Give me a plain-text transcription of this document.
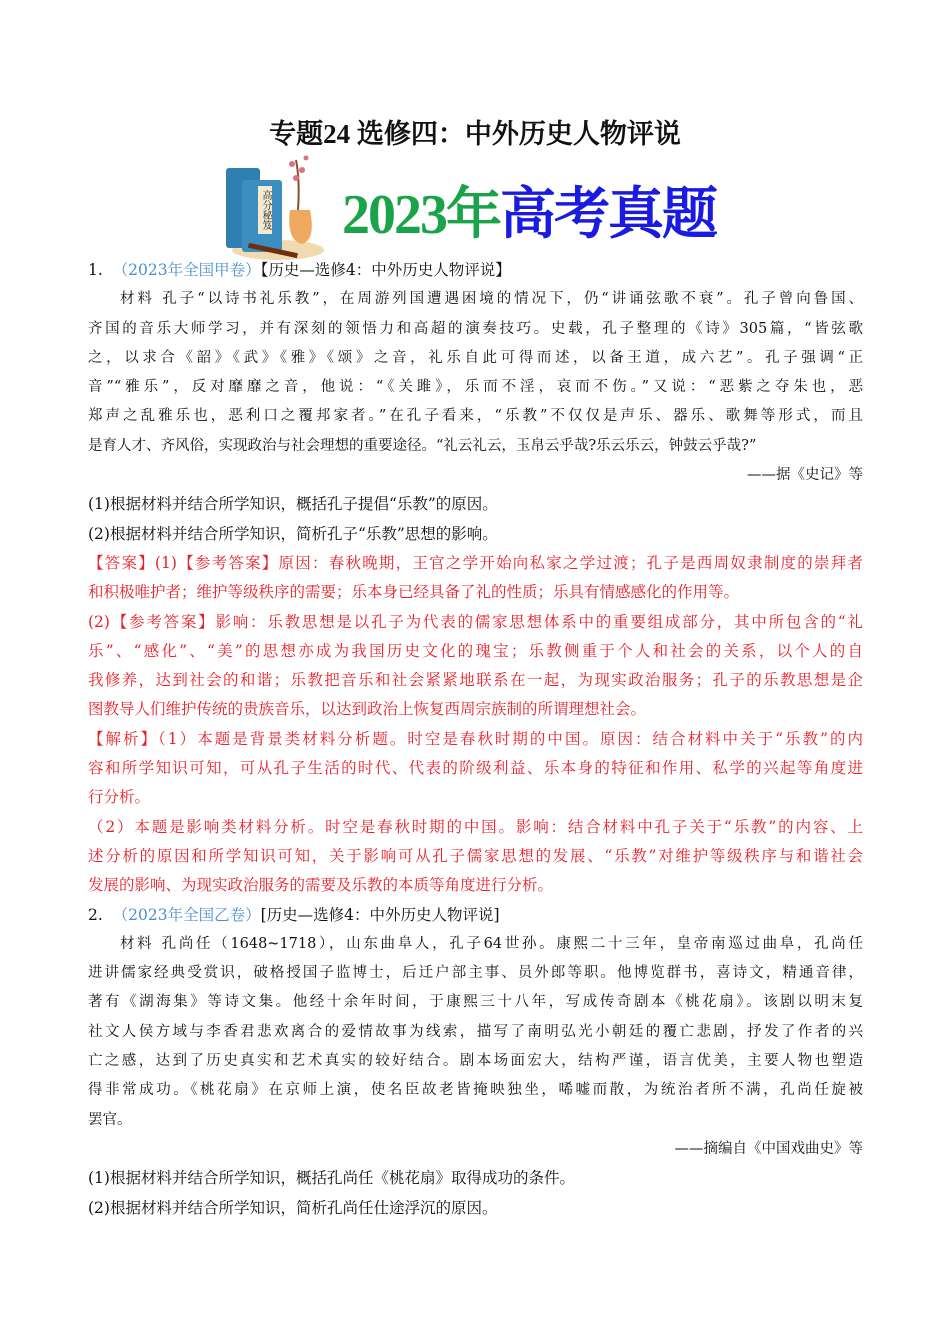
专题24 选修四：中外历史人物评说
高分秘笈 2023年高考真题
1. （2023年全国甲卷）【历史—选修4：中外历史人物评说】
材料 孔子“以诗书礼乐教”，在周游列国遭遇困境的情况下，仍“讲诵弦歌不衰”。孔子曾向鲁国、
齐国的音乐大师学习，并有深刻的领悟力和高超的演奏技巧。史载，孔子整理的《诗》305篇，“皆弦歌
之，以求合《韶》《武》《雅》《颂》之音，礼乐自此可得而述，以备王道，成六艺”。孔子强调“正
音”“雅乐”，反对靡靡之音，他说：“《关雎》，乐而不淫，哀而不伤。”又说：“恶紫之夺朱也，恶
郑声之乱雅乐也，恶利口之覆邦家者。”在孔子看来，“乐教”不仅仅是声乐、器乐、歌舞等形式，而且
是育人才、齐风俗，实现政治与社会理想的重要途径。“礼云礼云，玉帛云乎哉?乐云乐云，钟鼓云乎哉?”
——据《史记》等
(1)根据材料并结合所学知识，概括孔子提倡“乐教”的原因。
(2)根据材料并结合所学知识，简析孔子“乐教”思想的影响。
【答案】(1)【参考答案】原因：春秋晚期，王官之学开始向私家之学过渡；孔子是西周奴隶制度的崇拜者
和积极唯护者；维护等级秩序的需要；乐本身已经具备了礼的性质；乐具有情感感化的作用等。
(2)【参考答案】影响：乐教思想是以孔子为代表的儒家思想体系中的重要组成部分，其中所包含的“礼
乐”、“感化”、“美”的思想亦成为我国历史文化的瑰宝；乐教侧重于个人和社会的关系，以个人的自
我修养，达到社会的和谐；乐教把音乐和社会紧紧地联系在一起，为现实政治服务；孔子的乐教思想是企
图教导人们维护传统的贵族音乐，以达到政治上恢复西周宗族制的所谓理想社会。
【解析】（1）本题是背景类材料分析题。时空是春秋时期的中国。原因：结合材料中关于“乐教”的内
容和所学知识可知，可从孔子生活的时代、代表的阶级利益、乐本身的特征和作用、私学的兴起等角度进
行分析。
（2）本题是影响类材料分析。时空是春秋时期的中国。影响：结合材料中孔子关于“乐教”的内容、上
述分析的原因和所学知识可知，关于影响可从孔子儒家思想的发展、“乐教”对维护等级秩序与和谐社会
发展的影响、为现实政治服务的需要及乐教的本质等角度进行分析。
2. （2023年全国乙卷）[历史—选修4：中外历史人物评说]
材料 孔尚任（1648~1718），山东曲阜人，孔子64世孙。康熙二十三年，皇帝南巡过曲阜，孔尚任
进讲儒家经典受赏识，破格授国子监博士，后迁户部主事、员外郎等职。他博览群书，喜诗文，精通音律，
著有《湖海集》等诗文集。他经十余年时间，于康熙三十八年，写成传奇剧本《桃花扇》。该剧以明末复
社文人侯方域与李香君悲欢离合的爱情故事为线索，描写了南明弘光小朝廷的覆亡悲剧，抒发了作者的兴
亡之感，达到了历史真实和艺术真实的较好结合。剧本场面宏大，结构严谨，语言优美，主要人物也塑造
得非常成功。《桃花扇》在京师上演，使名臣故老皆掩映独坐，唏嘘而散，为统治者所不满，孔尚任旋被
罢官。
——摘编自《中国戏曲史》等
(1)根据材料并结合所学知识，概括孔尚任《桃花扇》取得成功的条件。
(2)根据材料并结合所学知识，简析孔尚任仕途浮沉的原因。
